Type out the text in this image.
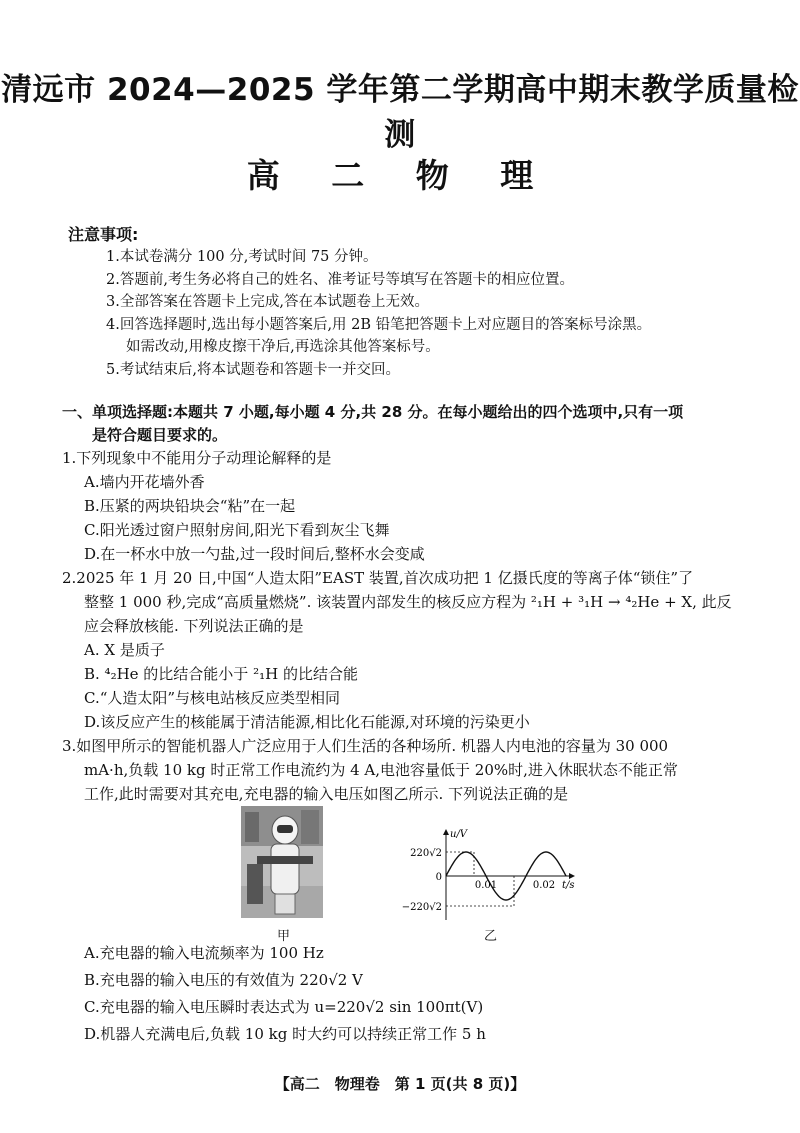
清远市 2024—2025 学年第二学期高中期末教学质量检测
高 二 物 理
注意事项:
1.本试卷满分 100 分,考试时间 75 分钟。
2.答题前,考生务必将自己的姓名、准考证号等填写在答题卡的相应位置。
3.全部答案在答题卡上完成,答在本试题卷上无效。
4.回答选择题时,选出每小题答案后,用 2B 铅笔把答题卡上对应题目的答案标号涂黑。
如需改动,用橡皮擦干净后,再选涂其他答案标号。
5.考试结束后,将本试题卷和答题卡一并交回。
一、单项选择题:本题共 7 小题,每小题 4 分,共 28 分。在每小题给出的四个选项中,只有一项
是符合题目要求的。
1.下列现象中不能用分子动理论解释的是
A.墙内开花墙外香
B.压紧的两块铅块会“粘”在一起
C.阳光透过窗户照射房间,阳光下看到灰尘飞舞
D.在一杯水中放一勺盐,过一段时间后,整杯水会变咸
2.2025 年 1 月 20 日,中国“人造太阳”EAST 装置,首次成功把 1 亿摄氏度的等离子体“锁住”了
整整 1 000 秒,完成“高质量燃烧”. 该装置内部发生的核反应方程为 ²₁H + ³₁H → ⁴₂He + X, 此反
应会释放核能. 下列说法正确的是
A. X 是质子
B. ⁴₂He 的比结合能小于 ²₁H 的比结合能
C.“人造太阳”与核电站核反应类型相同
D.该反应产生的核能属于清洁能源,相比化石能源,对环境的污染更小
3.如图甲所示的智能机器人广泛应用于人们生活的各种场所. 机器人内电池的容量为 30 000
mA·h,负载 10 kg 时正常工作电流约为 4 A,电池容量低于 20%时,进入休眠状态不能正常
工作,此时需要对其充电,充电器的输入电压如图乙所示. 下列说法正确的是
甲
u/V
t/s
220√2
−220√2
0
0.01	0.02
乙
A.充电器的输入电流频率为 100 Hz
B.充电器的输入电压的有效值为 220√2 V
C.充电器的输入电压瞬时表达式为 u=220√2 sin 100πt(V)
D.机器人充满电后,负载 10 kg 时大约可以持续正常工作 5 h
【高二　物理卷　第 1 页(共 8 页)】
